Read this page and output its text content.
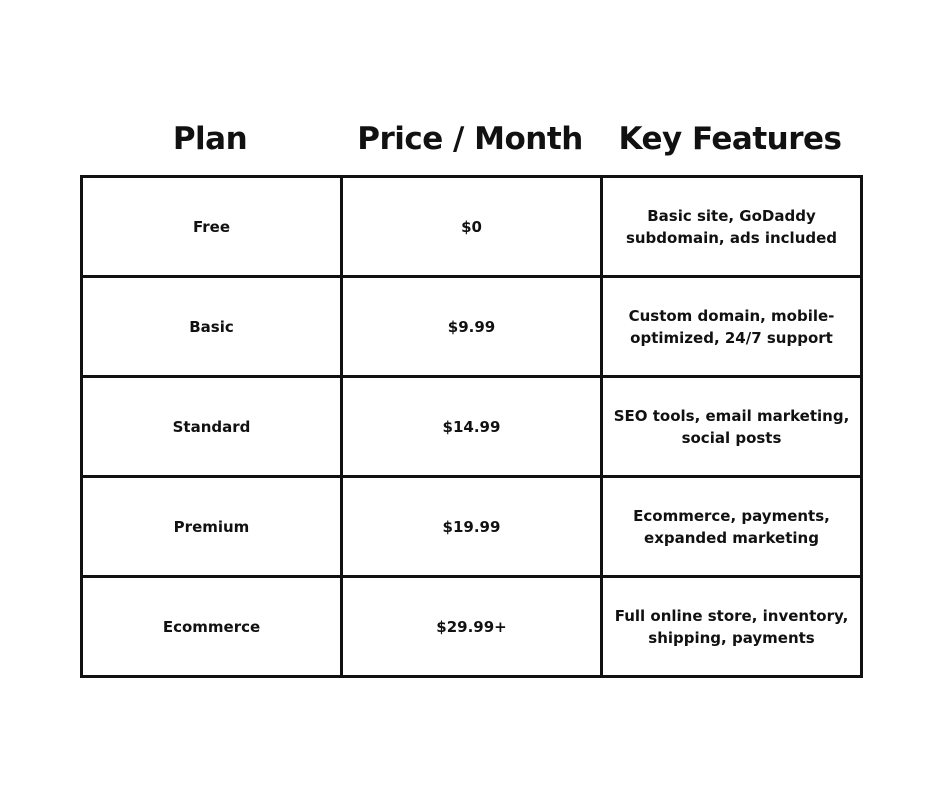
Plan	Price / Month	Key Features
Free	$0	Basic site, GoDaddy
subdomain, ads included
Basic	$9.99	Custom domain, mobile-
optimized, 24/7 support
Standard	$14.99	SEO tools, email marketing,
social posts
Premium	$19.99	Ecommerce, payments,
expanded marketing
Ecommerce	$29.99+	Full online store, inventory,
shipping, payments
